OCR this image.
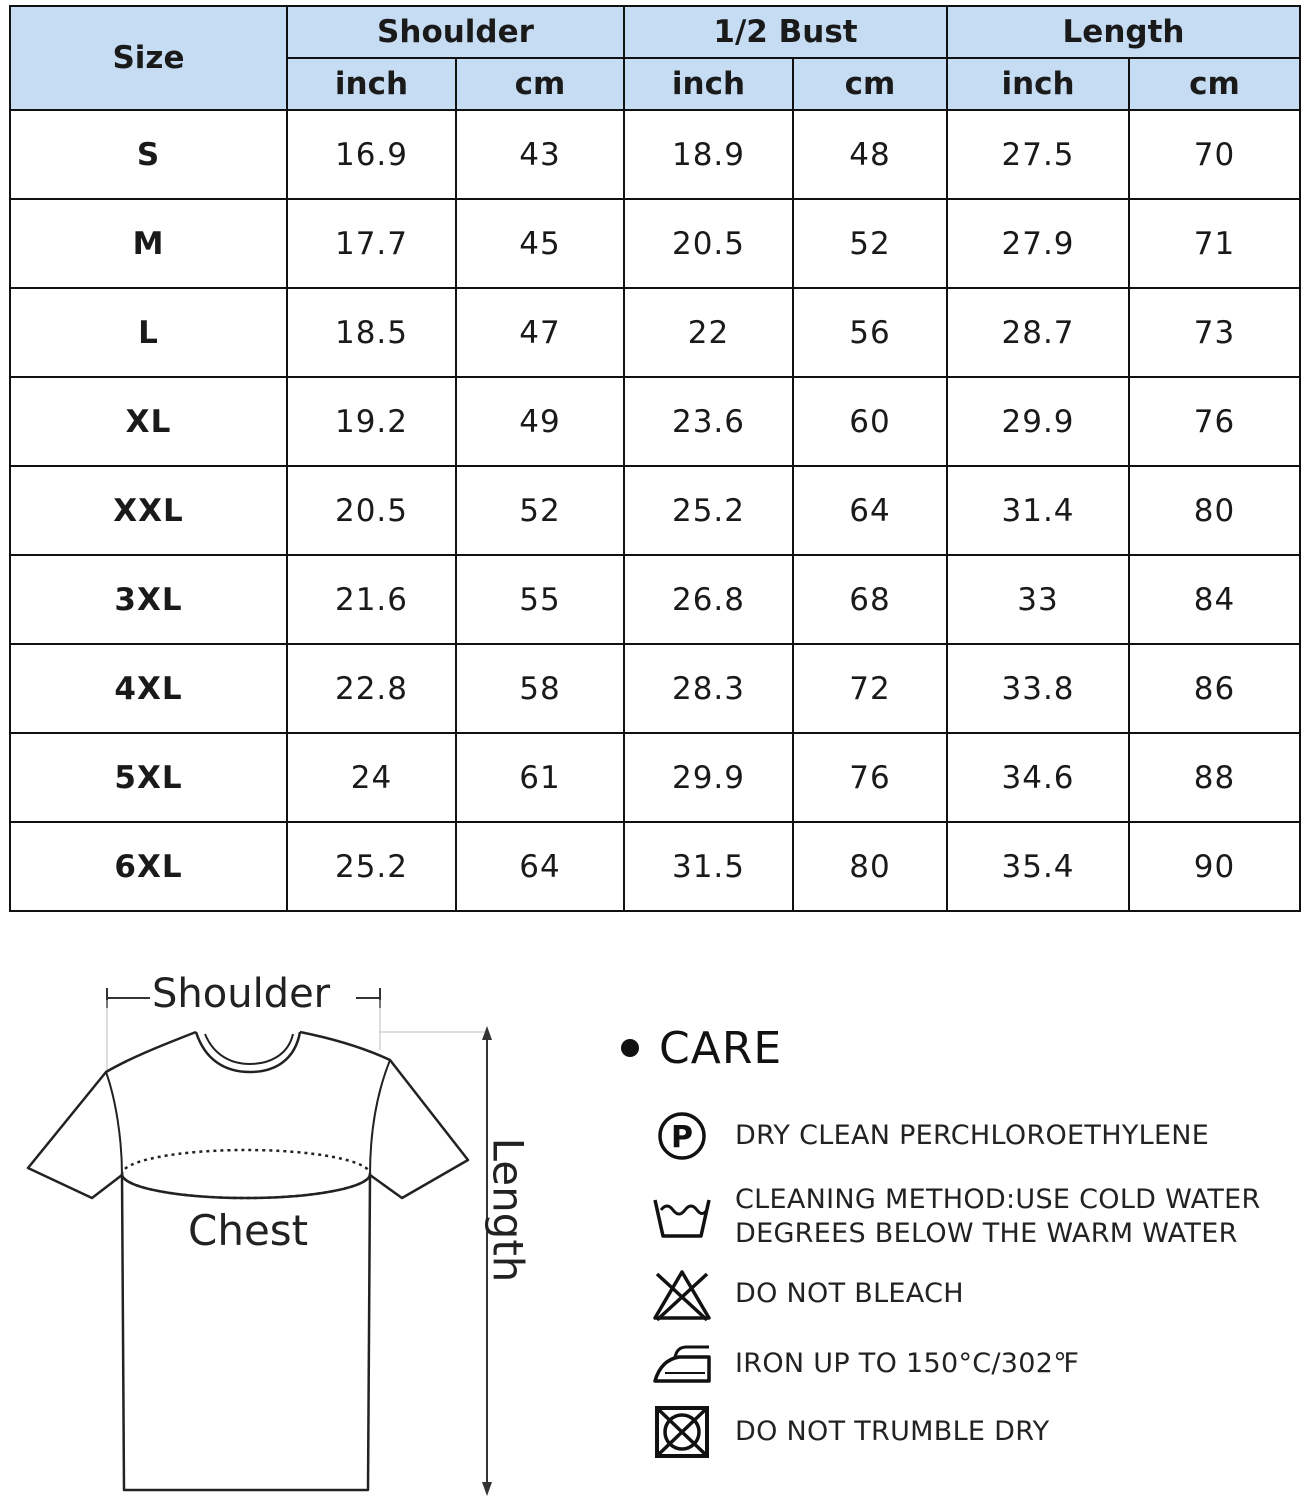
Size	Shoulder		1/2 Bust		Length	
	inch	cm	inch	cm	inch	cm
S	16.9	43	18.9	48	27.5	70
M	17.7	45	20.5	52	27.9	71
L	18.5	47	22	56	28.7	73
XL	19.2	49	23.6	60	29.9	76
XXL	20.5	52	25.2	64	31.4	80
3XL	21.6	55	26.8	68	33	84
4XL	22.8	58	28.3	72	33.8	86
5XL	24	61	29.9	76	34.6	88
6XL	25.2	64	31.5	80	35.4	90
Shoulder
Chest	Length
CARE
P DRY CLEAN PERCHLOROETHYLENE
CLEANING METHOD:USE COLD WATER
DEGREES BELOW THE WARM WATER
DO NOT BLEACH
IRON UP TO 150°C/302℉
DO NOT TRUMBLE DRY
